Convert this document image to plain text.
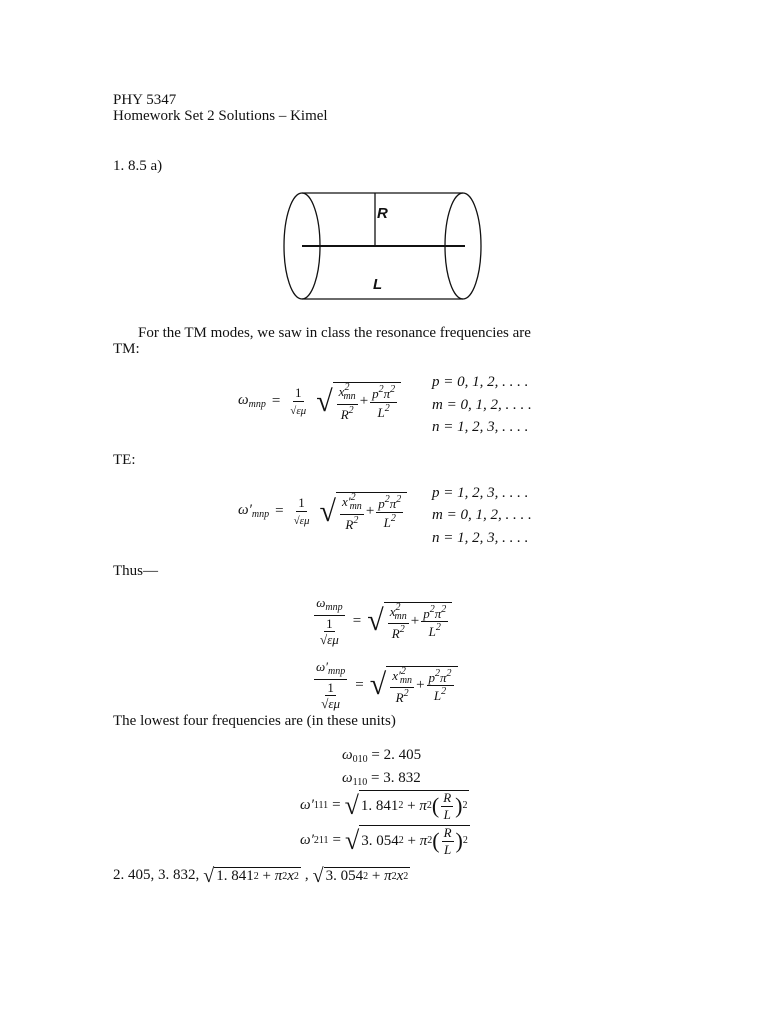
PHY 5347
Homework Set 2 Solutions – Kimel
1. 8.5 a)
R
L
For the TM modes, we saw in class the resonance frequencies are
TM:
$\omega_{mnp} = \frac{1}{√\varepsilon\mu}$ √ $\frac{x^2_{mn}}{R^2} + \frac{p^2\pi^2}{L^2}$
p = 0, 1, 2, . . . .
m = 0, 1, 2, . . . .
n = 1, 2, 3, . . . .
TE:
$\omega'_{mnp} = \frac{1}{√\varepsilon\mu}$ √ $\frac{x'^2_{mn}}{R^2} + \frac{p^2\pi^2}{L^2}$
p = 1, 2, 3, . . . .
m = 0, 1, 2, . . . .
n = 1, 2, 3, . . . .
Thus—
$\frac{\omega_{mnp}}{\frac{1}{√\varepsilon\mu}}$ = √ $\frac{x^2_{mn}}{R^2} + \frac{p^2\pi^2}{L^2}$
$\frac{\omega'_{mnp}}{\frac{1}{√\varepsilon\mu}}$ = √ $\frac{x'^2_{mn}}{R^2} + \frac{p^2\pi^2}{L^2}$
The lowest four frequencies are (in these units)
$\omega_{010} = 2$. 405
$\omega_{110} = 3$. 832
ω′ 111 = √ 1. 841 2 + π 2 ( $\frac{R}{L}$ ) 2
ω′ 211 = √ 3. 054 2 + π 2 ( $\frac{R}{L}$ ) 2
2. 405, 3. 832, √ 1. 841 2 + π 2 x 2 , √ 3. 054 2 + π 2 x 2
